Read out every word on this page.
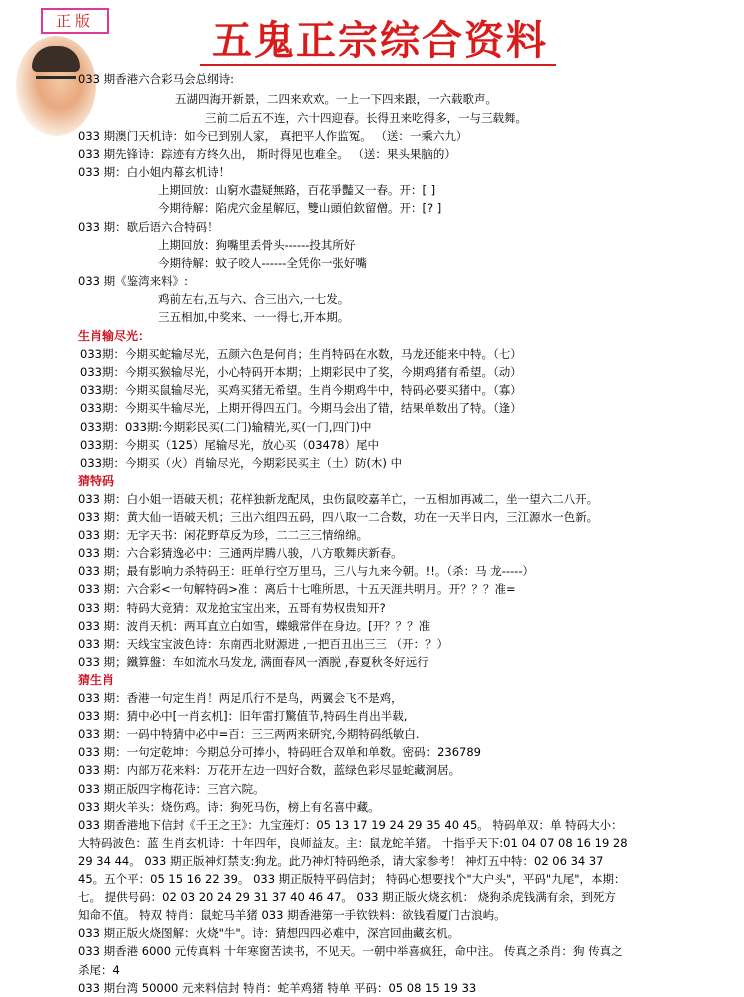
正版	五鬼正宗综合资料
033 期香港六合彩马会总纲诗:
五湖四海开新景，二四来欢欢。一上一下四来跟，一六载歌声。
三前二后五不连，六十四迎春。长得丑来吃得多，一与三载舞。
033 期澳门天机诗：如今已到别人家， 真把平人作监冤。 （送：一乘六九）
033 期先锋诗：踪迹有方终久出， 斯时得见也难全。 （送：果头果脑的）
033 期：白小姐内幕玄机诗！
上期回放：山窮水盡疑無路，百花爭豔又一春。开：[ ]
今期待解：陷虎穴金星解厄，雙山頭伯欽留僧。开：[? ]
033 期：歇后语六合特码！
上期回放：狗嘴里丢骨头------投其所好
今期待解：蚊子咬人------全凭你一张好嘴
033 期《鉴湾来料》:
鸡前左右,五与六、合三出六,一七发。
三五相加,中奖来、一一得七,开本期。
生肖输尽光：
033期：今期买蛇输尽光，五颜六色是何肖；生肖特码在水数，马龙还能来中特。（七）
033期：今期买猴输尽光，小心特码开本期；上期彩民中了奖，今期鸡猪有希望。（动）
033期：今期买鼠输尽光，买鸡买猪无希望。生肖今期鸡牛中，特码必要买猪中。（寡）
033期：今期买牛输尽光，上期开得四五门。今期马会出了错，结果单数出了特。（逢）
033期：033期:今期彩民买(二门)输精光,买(一门,四门)中
033期：今期买（125）尾输尽光，放心买（03478）尾中
033期：今期买（火）肖输尽光，今期彩民买主（土）防(木) 中
猜特码
033 期：白小姐一语破天机；花样独新龙配凤，虫伤鼠咬嘉羊亡，一五相加再减二，坐一望六二八开。
033 期：黄大仙一语破天机；三出六组四五码，四八取一二合数，功在一天半日内，三江源水一色新。
033 期：无字天书：闲花野草反为珍，二二三三情绵绵。
033 期：六合彩猜逸必中：三通两岸腾八骏，八方歌舞庆新春。
033 期；最有影响力杀特码王：旺单行空万里马，三八与九来今朝。!!。（杀：马 龙-----）
033 期：六合彩<一句解特码>准 ：离后十七唯所思，十五天涯共明月。开？？？准=
033 期：特码大竞猜：双龙抢宝宝出来，五哥有势权贵知开?
033 期：波肖天机：两耳直立白如雪，蝶蛾常伴在身边。[开？？？准
033 期：天线宝宝波色诗：东南西北财源进 ,一把百丑出三三 （开：？）
033 期；鐵算盤：车如流水马发龙, 满面春风一酒脱 ,春夏秋冬好远行
猜生肖
033 期：香港一句定生肖！两足爪行不是鸟，两翼会飞不是鸡，
033 期：猜中必中[一肖玄机]：旧年雷打驚值节,特码生肖出半载,
033 期：一码中特猜中必中=百：三三两两来研究,今期特码纸敏白.
033 期：一句定乾坤：今期总分可捧小，特码旺合双单和单数。密码：236789
033 期：内部万花来料：万花开左边一四好合数，蓝绿色彩尽显蛇藏洞居。
033 期正版四字梅花诗：三宫六院。
033 期火羊头：烧伤鸡。诗：狗死马伤，榜上有名喜中藏。
033 期香港地下信封《千王之王》：九宝莲灯：05 13 17 19 24 29 35 40 45。 特码单双：单 特码大小：
大特码波色：蓝 生肖玄机诗：十年四年，良师益友。主：鼠龙蛇羊猪。 十指乎天下:01 04 07 08 16 19 28
29 34 44。 033 期正版神灯禁支:狗龙。此乃神灯特码绝杀，请大家参考！ 神灯五中特：02 06 34 37
45。五个平：05 15 16 22 39。 033 期正版特平码信封； 特码心想要找个"大户头"，平码"九尾"，本期：
七。 提供号码：02 03 20 24 29 31 37 40 46 47。 033 期正版火烧玄机： 烧狗杀虎钱满有余，到死方
知命不值。 特双 特肖：鼠蛇马羊猪 033 期香港第一手钦铁料：欲钱看厦门古浪屿。
033 期正版火烧图解：火烧"牛"。诗：猜想四四必难中，深宫回曲藏玄机。
033 期香港 6000 元传真料 十年寒窗苦读书，不见天。一朝中举喜疯狂，命中注。 传真之杀肖：狗 传真之
杀尾：4
033 期台湾 50000 元来料信封 特肖：蛇羊鸡猪 特单 平码：05 08 15 19 33
